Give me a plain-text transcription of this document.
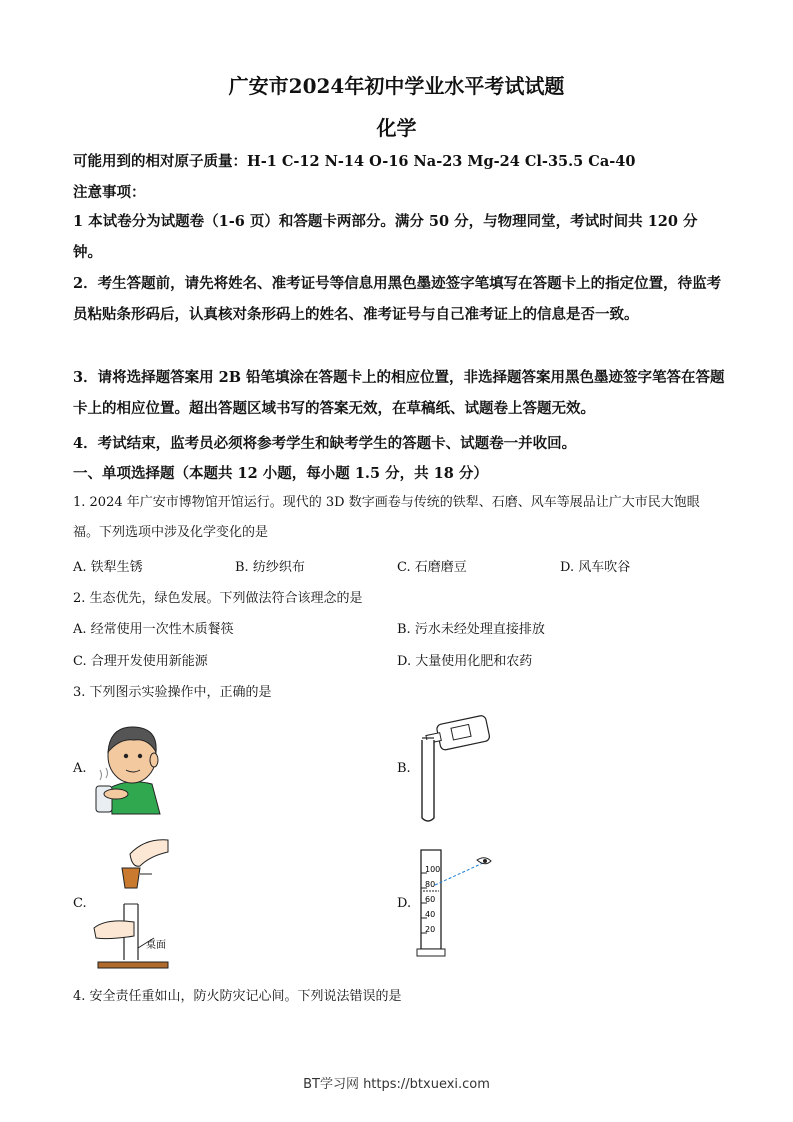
广安市2024年初中学业水平考试试题
化学
可能用到的相对原子质量：H-1 C-12 N-14 O-16 Na-23 Mg-24 Cl-35.5 Ca-40
注意事项：
1 本试卷分为试题卷（1-6 页）和答题卡两部分。满分 50 分，与物理同堂，考试时间共 120 分钟。
2．考生答题前，请先将姓名、准考证号等信息用黑色墨迹签字笔填写在答题卡上的指定位置，待监考员粘贴条形码后，认真核对条形码上的姓名、准考证号与自己准考证上的信息是否一致。
3．请将选择题答案用 2B 铅笔填涂在答题卡上的相应位置，非选择题答案用黑色墨迹签字笔答在答题卡上的相应位置。超出答题区域书写的答案无效，在草稿纸、试题卷上答题无效。
4．考试结束，监考员必须将参考学生和缺考学生的答题卡、试题卷一并收回。
一、单项选择题（本题共 12 小题，每小题 1.5 分，共 18 分）
1. 2024 年广安市博物馆开馆运行。现代的 3D 数字画卷与传统的铁犁、石磨、风车等展品让广大市民大饱眼福。下列选项中涉及化学变化的是
A. 铁犁生锈	B. 纺纱织布	C. 石磨磨豆	D. 风车吹谷
2. 生态优先，绿色发展。下列做法符合该理念的是
A. 经常使用一次性木质餐筷	B. 污水未经处理直接排放
C. 合理开发使用新能源	D. 大量使用化肥和农药
3. 下列图示实验操作中，正确的是
A.	B.
C.
桌面
D.
100
80
60
40
20
4. 安全责任重如山，防火防灾记心间。下列说法错误的是
BT学习网 https://btxuexi.com
